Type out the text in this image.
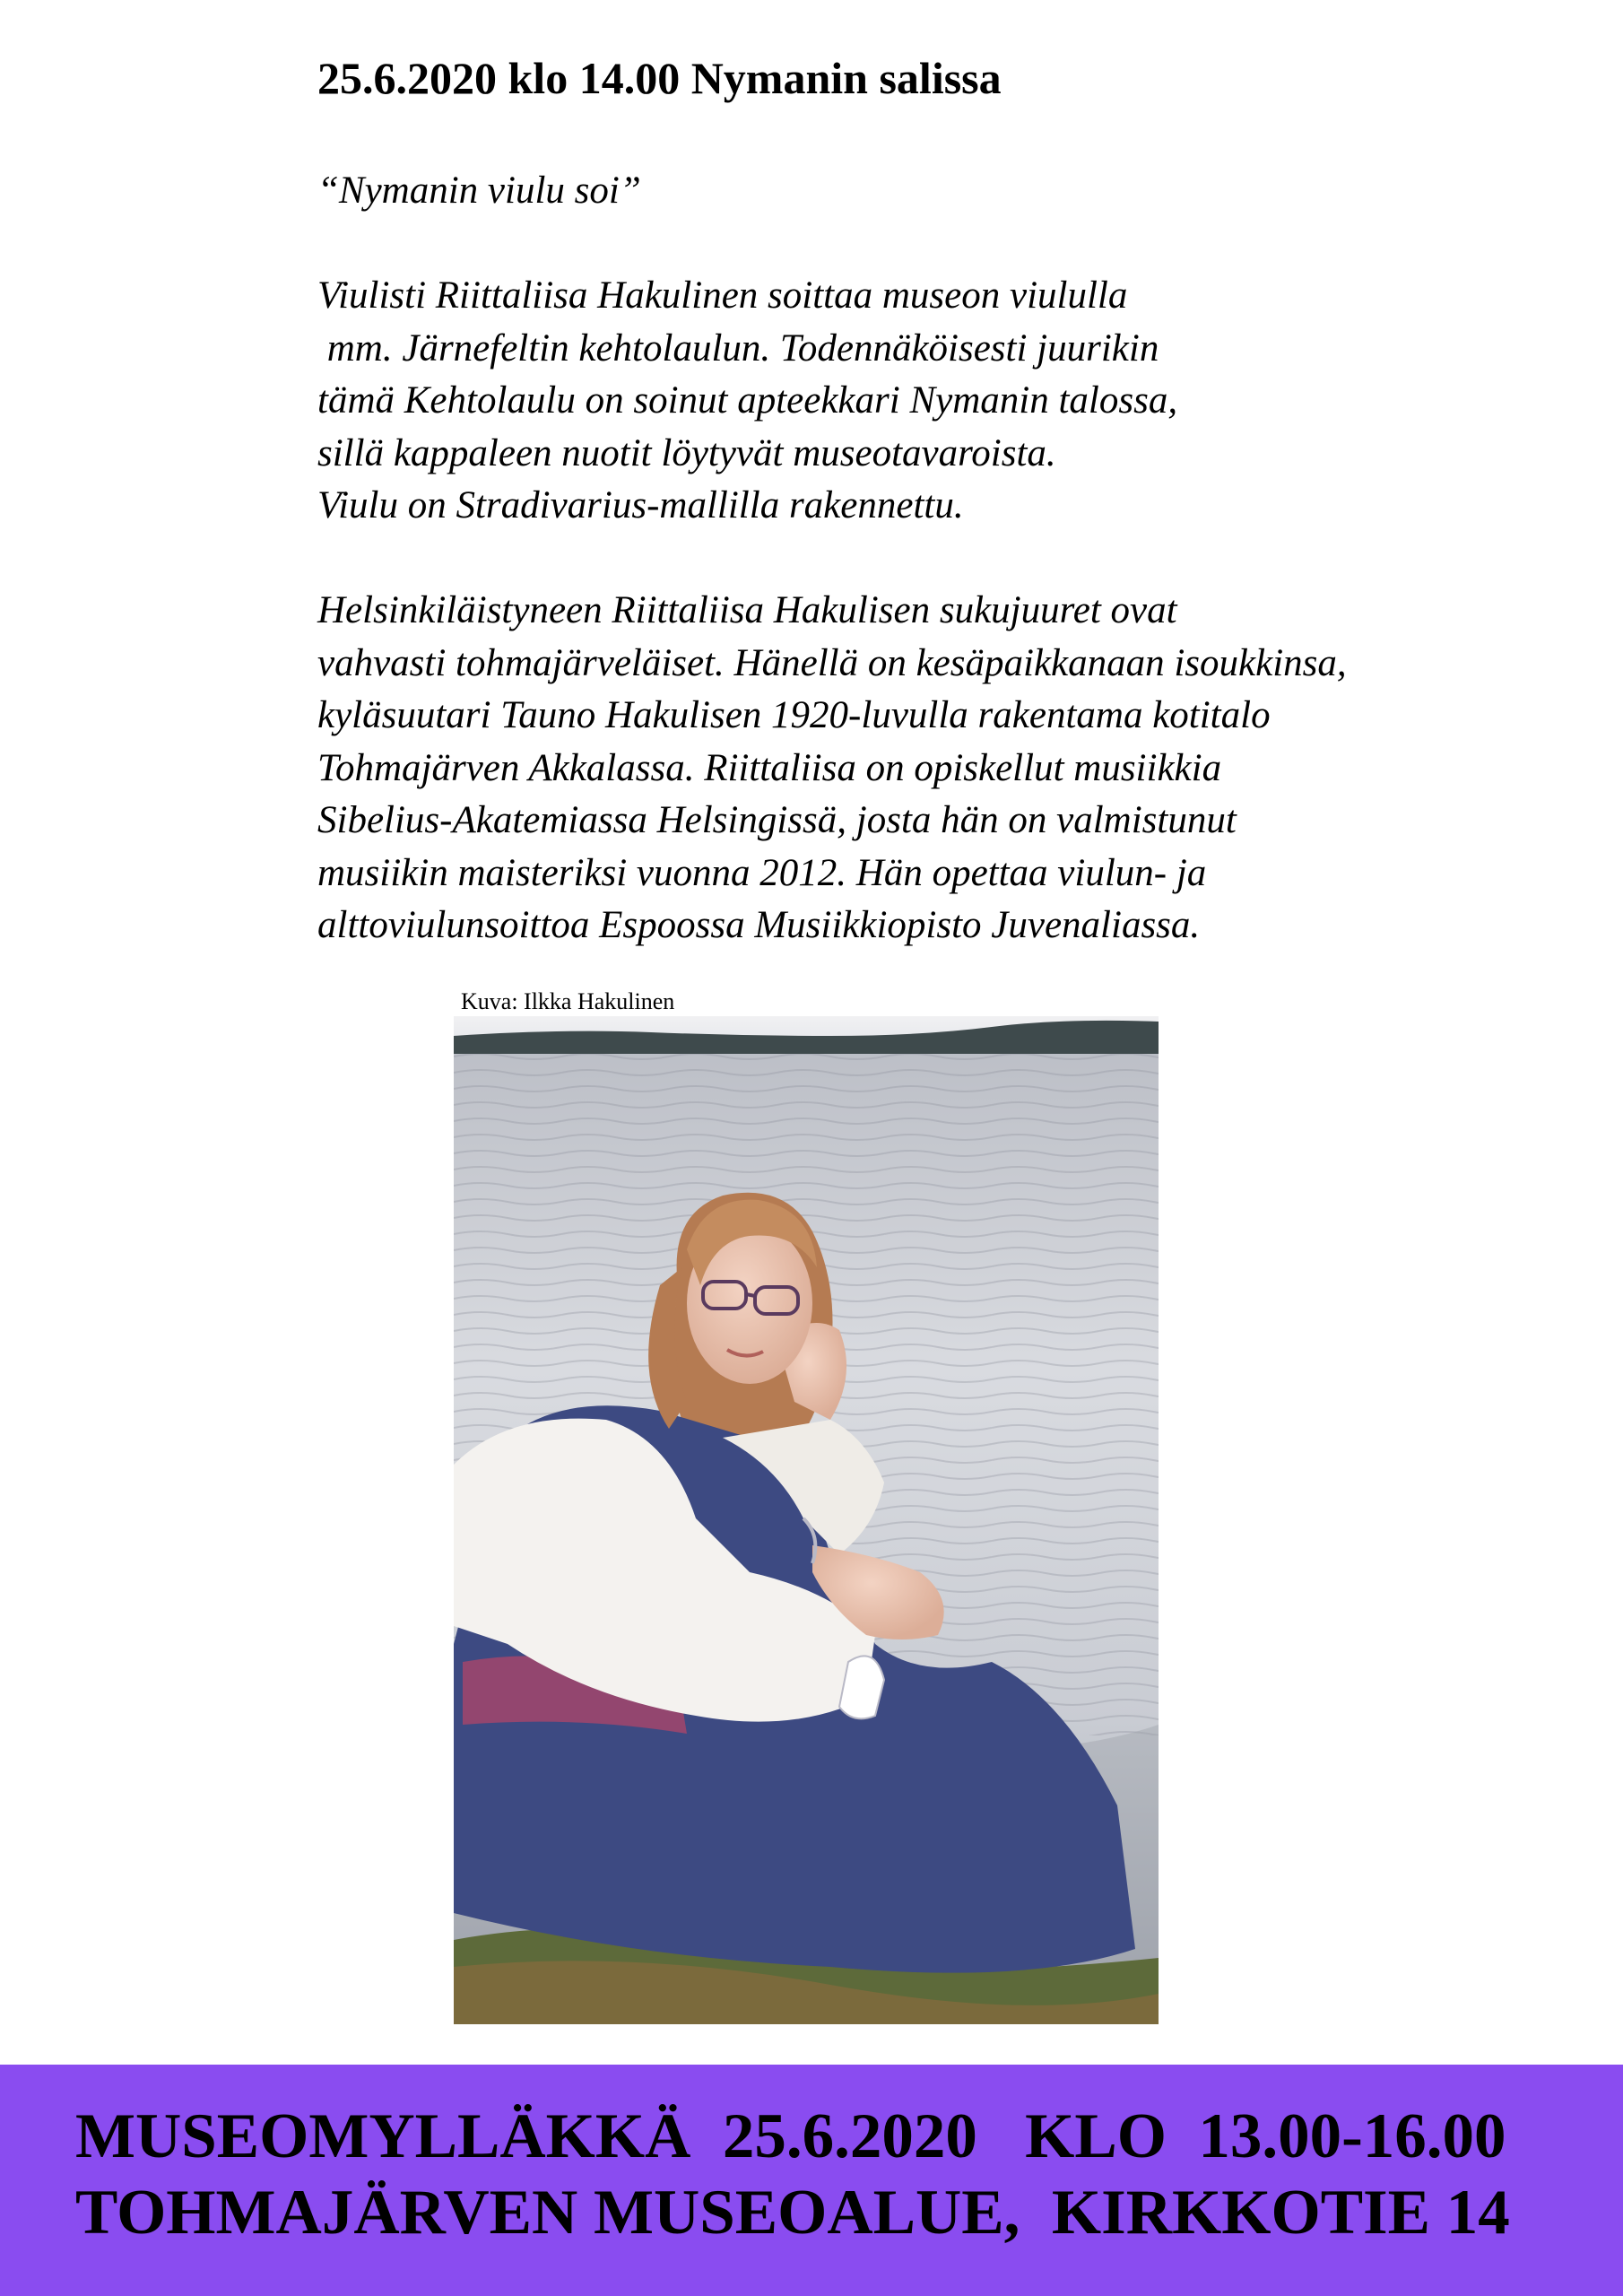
25.6.2020 klo 14.00 Nymanin salissa

“Nymanin viulu soi”

Viulisti Riittaliisa Hakulinen soittaa museon viululla
mm. Järnefeltin kehtolaulun. Todennäköisesti juurikin
tämä Kehtolaulu on soinut apteekkari Nymanin talossa,
sillä kappaleen nuotit löytyvät museotavaroista.
Viulu on Stradivarius-mallilla rakennettu.

Helsinkiläistyneen Riittaliisa Hakulisen sukujuuret ovat
vahvasti tohmajärveläiset. Hänellä on kesäpaikkanaan isoukkinsa,
kyläsuutari Tauno Hakulisen 1920-luvulla rakentama kotitalo
Tohmajärven Akkalassa. Riittaliisa on opiskellut musiikkia
Sibelius-Akatemiassa Helsingissä, josta hän on valmistunut
musiikin maisteriksi vuonna 2012. Hän opettaa viulun- ja
alttoviulunsoittoa Espoossa Musiikkiopisto Juvenaliassa.

Kuva: Ilkka Hakulinen

MUSEOMYLLÄKKÄ  25.6.2020   KLO  13.00-16.00

TOHMAJÄRVEN MUSEOALUE,  KIRKKOTIE 14
